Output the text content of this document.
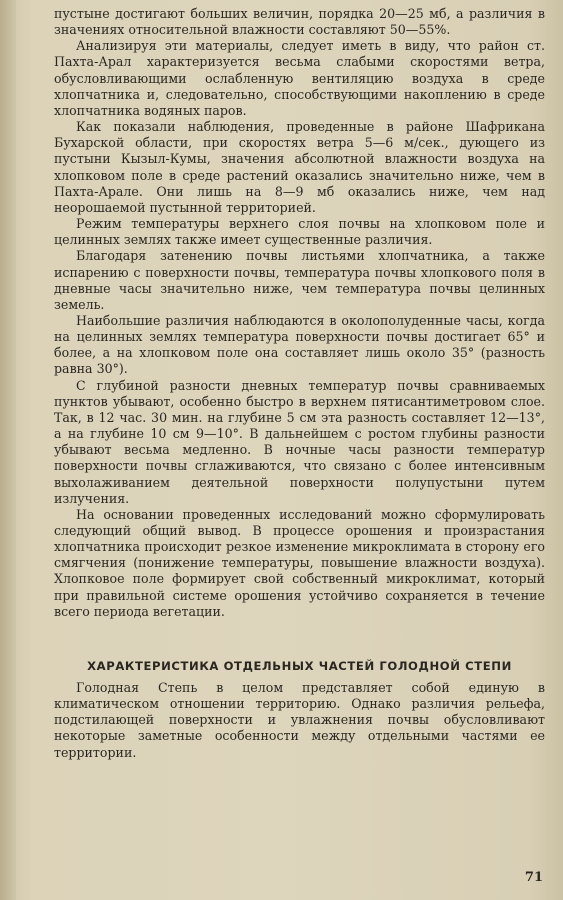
пустыне достигают больших величин, порядка 20—25 мб, а различия в значениях относительной влажности составляют 50—55%.

Анализируя эти материалы, следует иметь в виду, что район ст. Пахта-Арал характеризуется весьма слабыми скоростями ветра, обусловливающими ослабленную вентиляцию воздуха в среде хлопчатника и, следовательно, способствующими накоплению в среде хлопчатника водяных паров.

Как показали наблюдения, проведенные в районе Шафрикана Бухарской области, при скоростях ветра 5—6 м/сек., дующего из пустыни Кызыл-Кумы, значения абсолютной влажности воздуха на хлопковом поле в среде растений оказались значительно ниже, чем в Пахта-Арале. Они лишь на 8—9 мб оказались ниже, чем над неорошаемой пустынной территорией.

Режим температуры верхнего слоя почвы на хлопковом поле и целинных землях также имеет существенные различия.

Благодаря затенению почвы листьями хлопчатника, а также испарению с поверхности почвы, температура почвы хлопкового поля в дневные часы значительно ниже, чем температура почвы целинных земель.

Наибольшие различия наблюдаются в околополуденные часы, когда на целинных землях температура поверхности почвы достигает 65° и более, а на хлопковом поле она составляет лишь около 35° (разность равна 30°).

С глубиной разности дневных температур почвы сравниваемых пунктов убывают, особенно быстро в верхнем пятисантиметровом слое. Так, в 12 час. 30 мин. на глубине 5 см эта разность составляет 12—13°, а на глубине 10 см 9—10°. В дальнейшем с ростом глубины разности убывают весьма медленно. В ночные часы разности температур поверхности почвы сглаживаются, что связано с более интенсивным выхолаживанием деятельной поверхности полупустыни путем излучения.

На основании проведенных исследований можно сформулировать следующий общий вывод. В процессе орошения и произрастания хлопчатника происходит резкое изменение микроклимата в сторону его смягчения (понижение температуры, повышение влажности воздуха). Хлопковое поле формирует свой собственный микроклимат, который при правильной системе орошения устойчиво сохраняется в течение всего периода вегетации.

ХАРАКТЕРИСТИКА ОТДЕЛЬНЫХ ЧАСТЕЙ ГОЛОДНОЙ СТЕПИ

Голодная Степь в целом представляет собой единую в климатическом отношении территорию. Однако различия рельефа, подстилающей поверхности и увлажнения почвы обусловливают некоторые заметные особенности между отдельными частями ее территории.

71
